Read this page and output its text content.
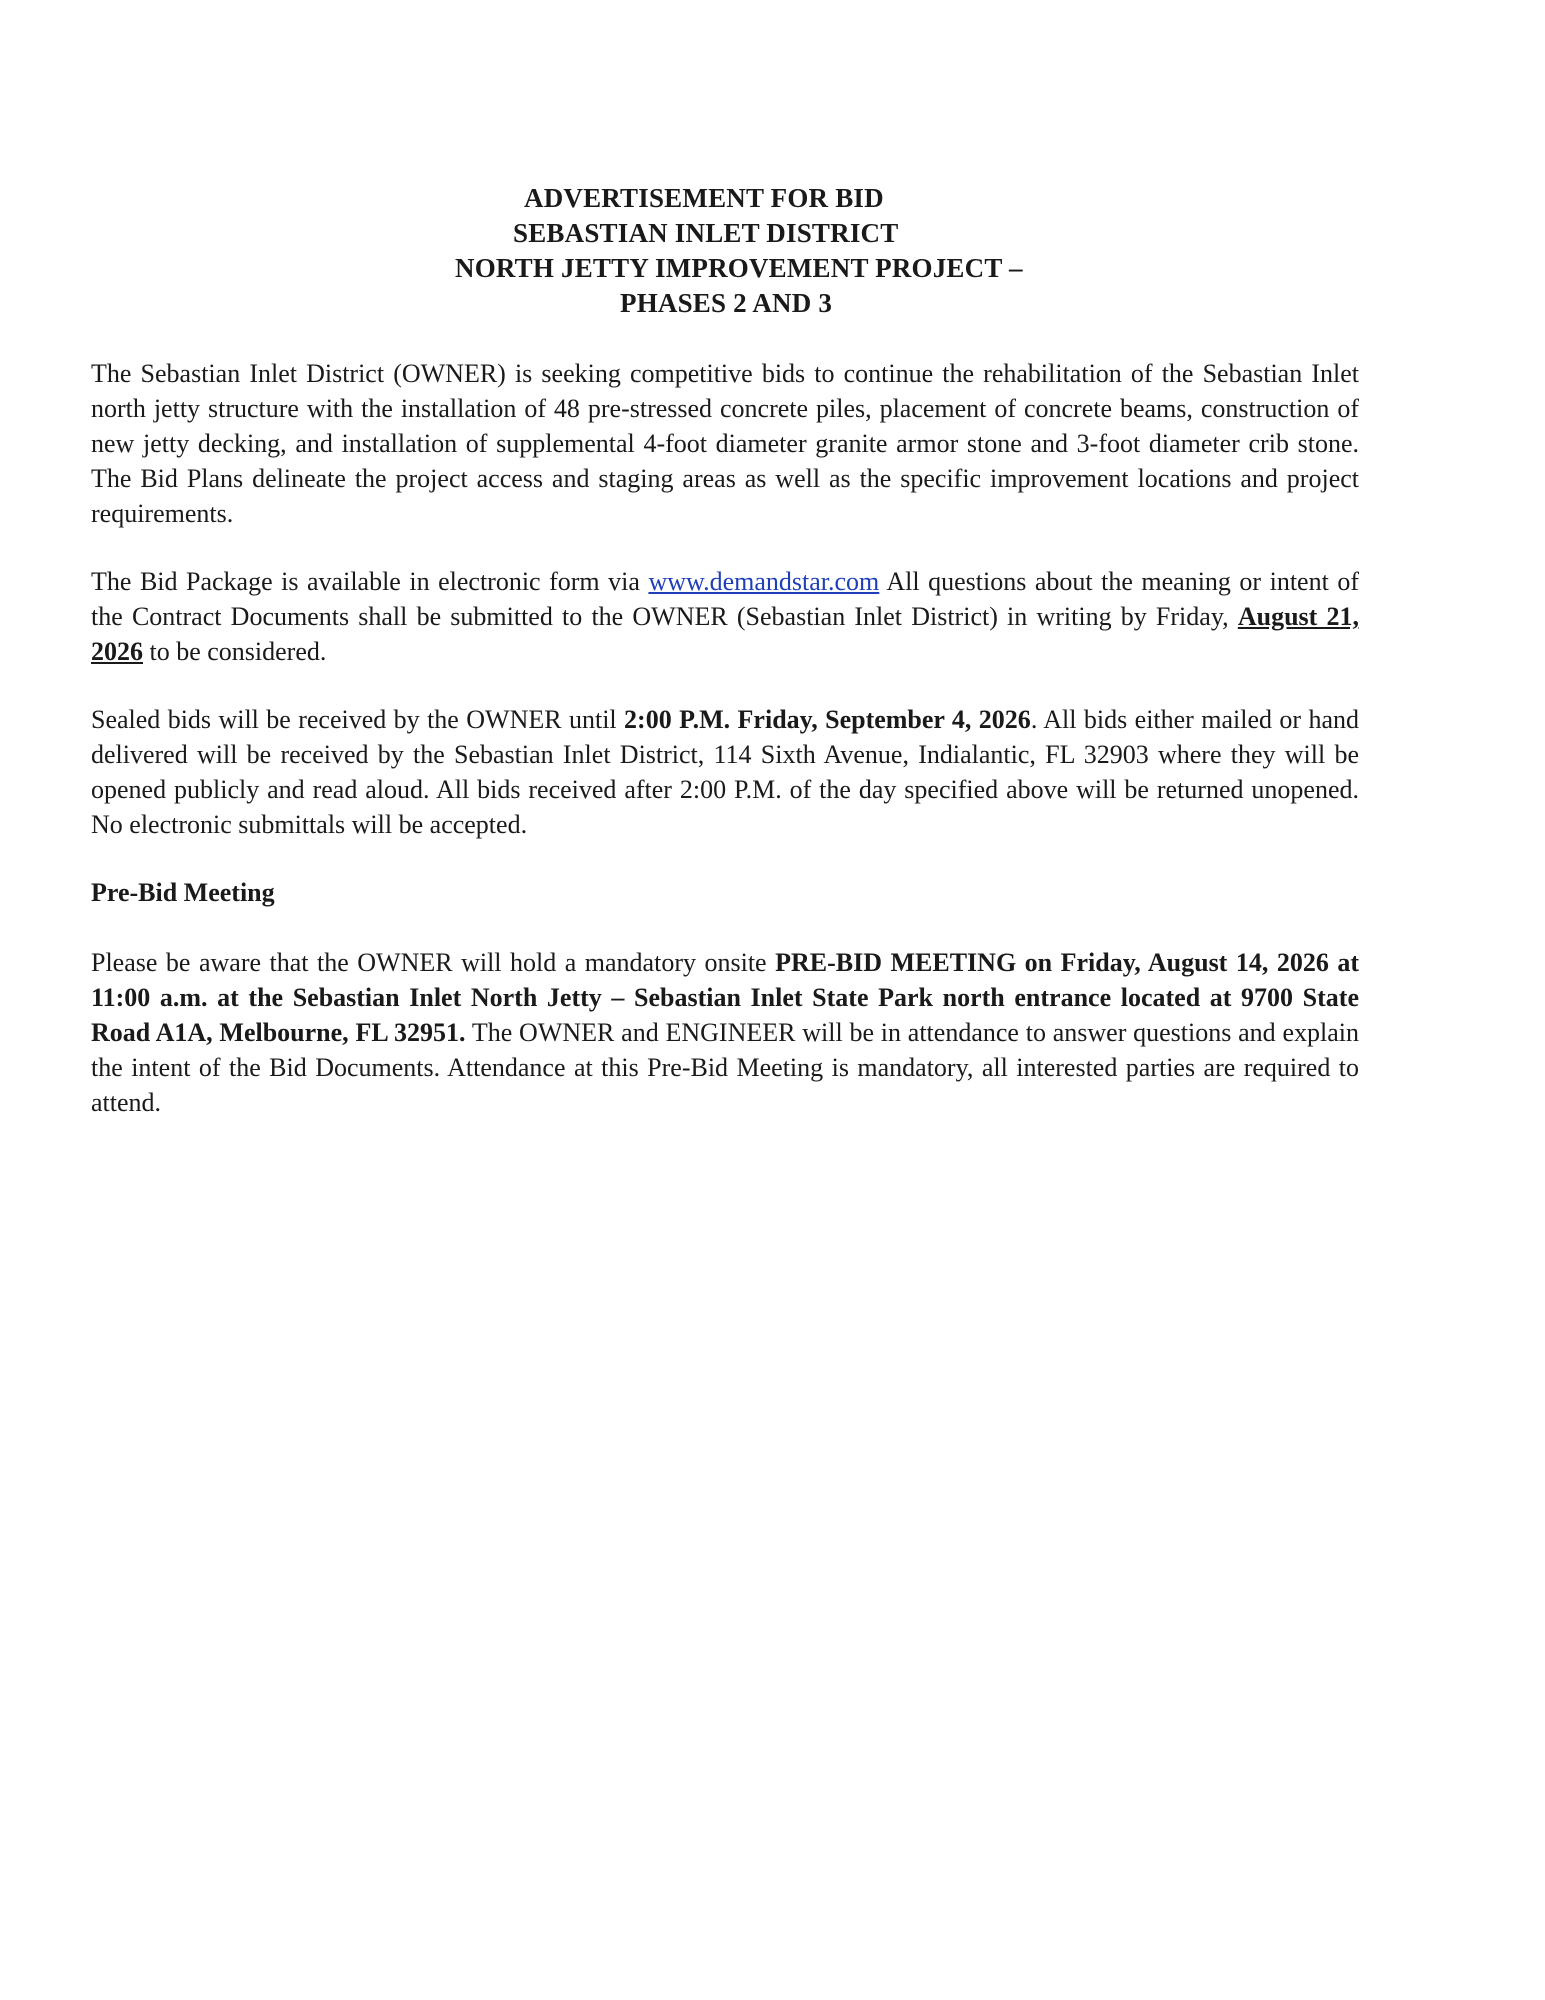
ADVERTISEMENT FOR BID
SEBASTIAN INLET DISTRICT
NORTH JETTY IMPROVEMENT PROJECT –
PHASES 2 AND 3
The Sebastian Inlet District (OWNER) is seeking competitive bids to continue the rehabilitation of the Sebastian Inlet north jetty structure with the installation of 48 pre-stressed concrete piles, placement of concrete beams, construction of new jetty decking, and installation of supplemental 4-foot diameter granite armor stone and 3-foot diameter crib stone. The Bid Plans delineate the project access and staging areas as well as the specific improvement locations and project requirements.
The Bid Package is available in electronic form via www.demandstar.com All questions about the meaning or intent of the Contract Documents shall be submitted to the OWNER (Sebastian Inlet District) in writing by Friday, August 21, 2026 to be considered.
Sealed bids will be received by the OWNER until 2:00 P.M. Friday, September 4, 2026. All bids either mailed or hand delivered will be received by the Sebastian Inlet District, 114 Sixth Avenue, Indialantic, FL 32903 where they will be opened publicly and read aloud. All bids received after 2:00 P.M. of the day specified above will be returned unopened. No electronic submittals will be accepted.
Pre-Bid Meeting
Please be aware that the OWNER will hold a mandatory onsite PRE-BID MEETING on Friday, August 14, 2026 at 11:00 a.m. at the Sebastian Inlet North Jetty – Sebastian Inlet State Park north entrance located at 9700 State Road A1A, Melbourne, FL 32951. The OWNER and ENGINEER will be in attendance to answer questions and explain the intent of the Bid Documents. Attendance at this Pre-Bid Meeting is mandatory, all interested parties are required to attend.
